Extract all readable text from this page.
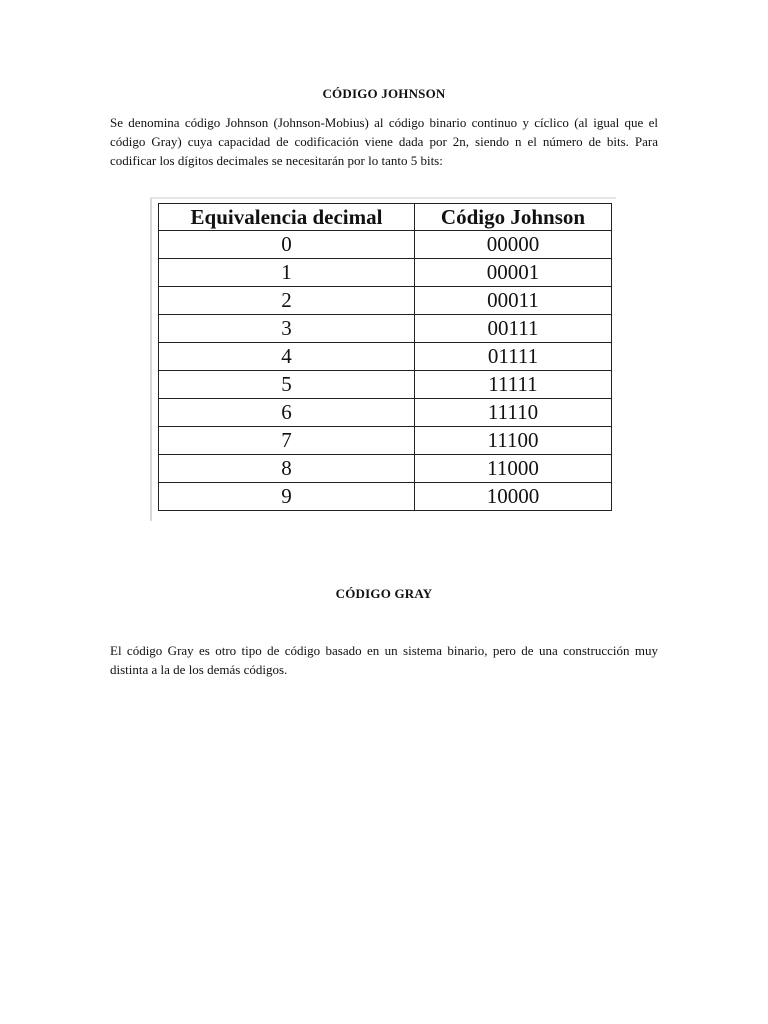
CÓDIGO JOHNSON
Se denomina código Johnson (Johnson-Mobius) al código binario continuo y cíclico (al igual que el código Gray) cuya capacidad de codificación viene dada por 2n, siendo n el número de bits. Para codificar los dígitos decimales se necesitarán por lo tanto 5 bits:
Equivalencia decimal	Código Johnson
0	00000
1	00001
2	00011
3	00111
4	01111
5	11111
6	11110
7	11100
8	11000
9	10000
CÓDIGO GRAY
El código Gray es otro tipo de código basado en un sistema binario, pero de una construcción muy distinta a la de los demás códigos.
